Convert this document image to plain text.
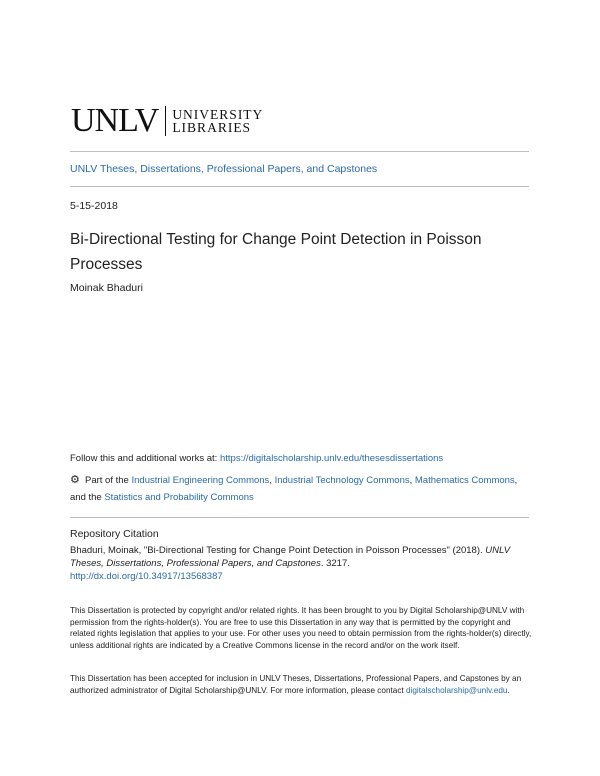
UNLV UNIVERSITY
LIBRARIES
UNLV Theses, Dissertations, Professional Papers, and Capstones
5-15-2018
Bi-Directional Testing for Change Point Detection in Poisson Processes
Moinak Bhaduri
Follow this and additional works at: https://digitalscholarship.unlv.edu/thesesdissertations
⚙ Part of the Industrial Engineering Commons, Industrial Technology Commons, Mathematics Commons, and the Statistics and Probability Commons
Repository Citation
Bhaduri, Moinak, "Bi-Directional Testing for Change Point Detection in Poisson Processes" (2018). UNLV Theses, Dissertations, Professional Papers, and Capstones. 3217.
http://dx.doi.org/10.34917/13568387
This Dissertation is protected by copyright and/or related rights. It has been brought to you by Digital Scholarship@UNLV with permission from the rights-holder(s). You are free to use this Dissertation in any way that is permitted by the copyright and related rights legislation that applies to your use. For other uses you need to obtain permission from the rights-holder(s) directly, unless additional rights are indicated by a Creative Commons license in the record and/or on the work itself.
This Dissertation has been accepted for inclusion in UNLV Theses, Dissertations, Professional Papers, and Capstones by an authorized administrator of Digital Scholarship@UNLV. For more information, please contact digitalscholarship@unlv.edu.
